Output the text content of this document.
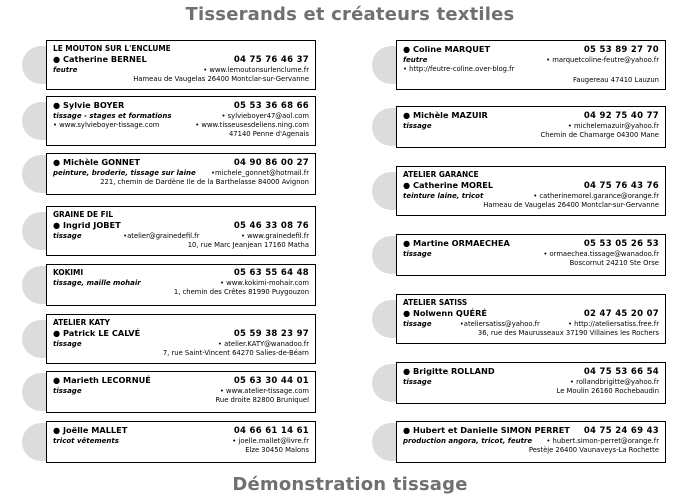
Tisserands et créateurs textiles
LE MOUTON SUR L'ENCLUME
● Catherine BERNEL	04 75 76 46 37
feutre	• www.lemoutonsurlenclume.fr
Hameau de Vaugelas 26400 Montclar-sur-Gervanne
● Sylvie BOYER	05 53 36 68 66
tissage - stages et formations	• sylvieboyer47@aol.com
• www.sylvieboyer-tissage.com	• www.tisseusesdeliens.ning.com
47140 Penne d'Agenais
● Michèle GONNET	04 90 86 00 27
peinture, broderie, tissage sur laine •michele_gonnet@hotmail.fr
221, chemin de Dardène Ile de la Barthelasse 84000 Avignon
GRAINE DE FIL
● Ingrid JOBET	05 46 33 08 76
tissage	•atelier@grainedefil.fr	• www.grainedefil.fr
10, rue Marc Jeanjean 17160 Matha
KOKIMI	05 63 55 64 48
tissage, maille mohair	• www.kokimi-mohair.com
1, chemin des Crêtes 81990 Puygouzon
ATELIER KATY
● Patrick LE CALVÉ	05 59 38 23 97
tissage	• atelier.KATY@wanadoo.fr
7, rue Saint-Vincent 64270 Salies-de-Béarn
● Marieth LECORNUÉ	05 63 30 44 01
tissage	• www.atelier-tissage.com
Rue droite 82800 Bruniquel
● Joëlle MALLET	04 66 61 14 61
tricot vêtements	• joelle.mallet@livre.fr
Elze 30450 Malons
● Coline MARQUET	05 53 89 27 70
feutre	• marquetcoline-feutre@yahoo.fr
• http://feutre-coline.over-blog.fr
Faugereau 47410 Lauzun
● Michèle MAZUIR	04 92 75 40 77
tissage	• michelemazuir@yahoo.fr
Chemin de Chamarge 04300 Mane
ATELIER GARANCE
● Catherine MOREL	04 75 76 43 76
teinture laine, tricot	• catherinemorel.garance@orange.fr
Hameau de Vaugelas 26400 Montclar-sur-Gervanne
● Martine ORMAECHEA	05 53 05 26 53
tissage	• ormaechea.tissage@wanadoo.fr
Boscornut 24210 Ste Orse
ATELIER SATISS
● Nolwenn QUÉRÉ	02 47 45 20 07
tissage	•ateliersatiss@yahoo.fr	• http://ateliersatiss.free.fr
36, rue des Maurusseaux 37190 Villaines les Rochers
● Brigitte ROLLAND	04 75 53 66 54
tissage	• rollandbrigitte@yahoo.fr
Le Moulin 26160 Rochebaudin
● Hubert et Danielle SIMON PERRET 04 75 24 69 43
production angora, tricot, feutre • hubert.simon-perret@orange.fr
Pestèje 26400 Vaunaveys-La Rochette
Démonstration tissage
